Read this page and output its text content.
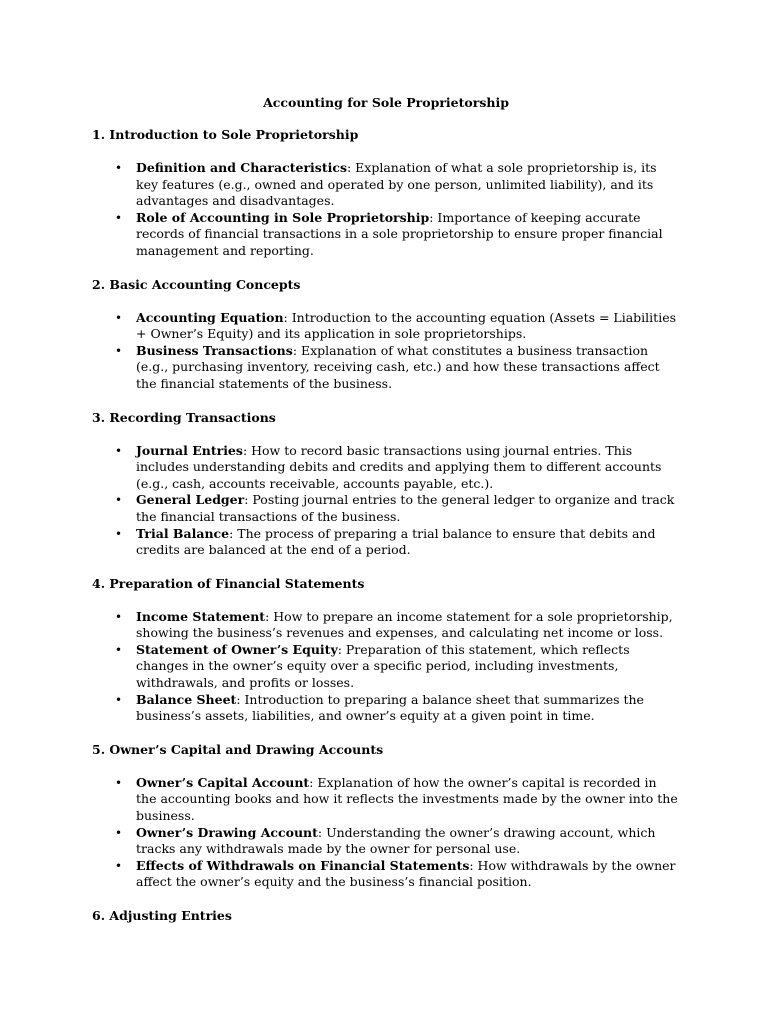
Accounting for Sole Proprietorship
1. Introduction to Sole Proprietorship
• Definition and Characteristics: Explanation of what a sole proprietorship is, its key features (e.g., owned and operated by one person, unlimited liability), and its advantages and disadvantages.
• Role of Accounting in Sole Proprietorship: Importance of keeping accurate records of financial transactions in a sole proprietorship to ensure proper financial management and reporting.
2. Basic Accounting Concepts
• Accounting Equation: Introduction to the accounting equation (Assets = Liabilities + Owner’s Equity) and its application in sole proprietorships.
• Business Transactions: Explanation of what constitutes a business transaction (e.g., purchasing inventory, receiving cash, etc.) and how these transactions affect the financial statements of the business.
3. Recording Transactions
• Journal Entries: How to record basic transactions using journal entries. This includes understanding debits and credits and applying them to different accounts (e.g., cash, accounts receivable, accounts payable, etc.).
• General Ledger: Posting journal entries to the general ledger to organize and track the financial transactions of the business.
• Trial Balance: The process of preparing a trial balance to ensure that debits and credits are balanced at the end of a period.
4. Preparation of Financial Statements
• Income Statement: How to prepare an income statement for a sole proprietorship, showing the business’s revenues and expenses, and calculating net income or loss.
• Statement of Owner’s Equity: Preparation of this statement, which reflects changes in the owner’s equity over a specific period, including investments, withdrawals, and profits or losses.
• Balance Sheet: Introduction to preparing a balance sheet that summarizes the business’s assets, liabilities, and owner’s equity at a given point in time.
5. Owner’s Capital and Drawing Accounts
• Owner’s Capital Account: Explanation of how the owner’s capital is recorded in the accounting books and how it reflects the investments made by the owner into the business.
• Owner’s Drawing Account: Understanding the owner’s drawing account, which tracks any withdrawals made by the owner for personal use.
• Effects of Withdrawals on Financial Statements: How withdrawals by the owner affect the owner’s equity and the business’s financial position.
6. Adjusting Entries
